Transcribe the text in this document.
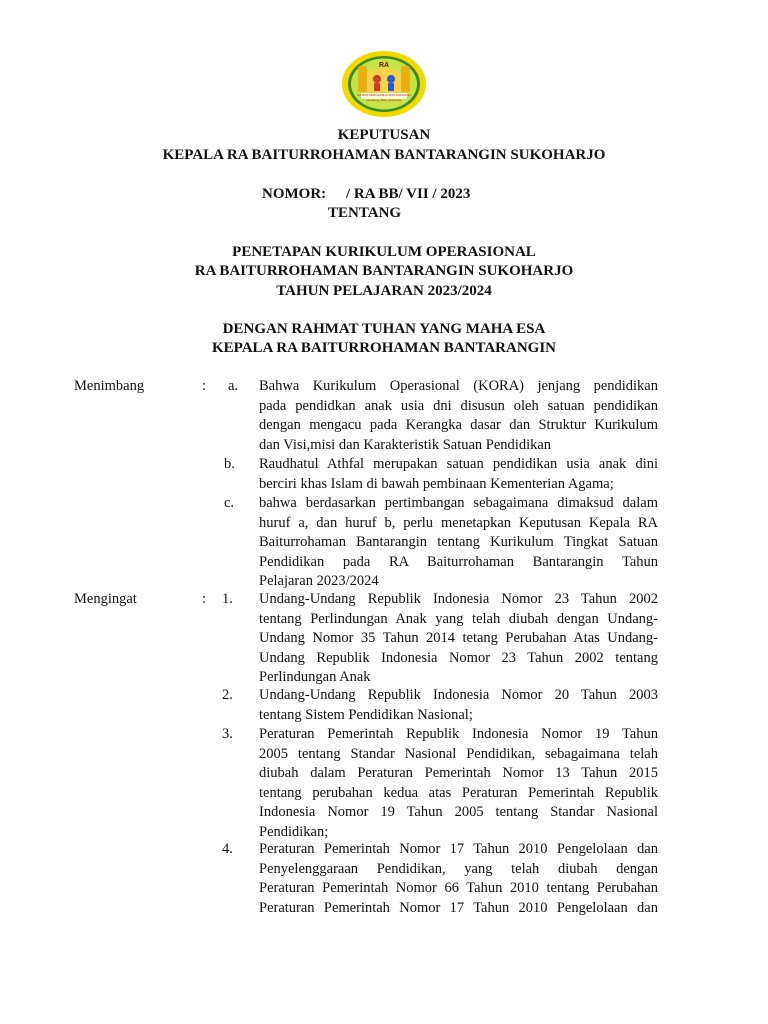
RA
RA BAITURROHAMAN BANTARANGIN
Langkang, Baki, Sukoharjo
KEPUTUSAN
KEPALA RA BAITURROHAMAN BANTARANGIN SUKOHARJO
NOMOR: / RA BB/ VII / 2023
TENTANG
PENETAPAN KURIKULUM OPERASIONAL
RA BAITURROHAMAN BANTARANGIN SUKOHARJO
TAHUN PELAJARAN 2023/2024
DENGAN RAHMAT TUHAN YANG MAHA ESA
KEPALA RA BAITURROHAMAN BANTARANGIN
Menimbang	: a. Bahwa Kurikulum Operasional (KORA) jenjang pendidikan
pada pendidkan anak usia dni disusun oleh satuan pendidikan
dengan mengacu pada Kerangka dasar dan Struktur Kurikulum
dan Visi,misi dan Karakteristik Satuan Pendidikan
b. Raudhatul Athfal merupakan satuan pendidikan usia anak dini
berciri khas Islam di bawah pembinaan Kementerian Agama;
c. bahwa berdasarkan pertimbangan sebagaimana dimaksud dalam
huruf a, dan huruf b, perlu menetapkan Keputusan Kepala RA
Baiturrohaman Bantarangin tentang Kurikulum Tingkat Satuan
Pendidikan pada RA Baiturrohaman Bantarangin Tahun
Pelajaran 2023/2024
Mengingat	: 1. Undang-Undang Republik Indonesia Nomor 23 Tahun 2002
tentang Perlindungan Anak yang telah diubah dengan Undang-
Undang Nomor 35 Tahun 2014 tetang Perubahan Atas Undang-
Undang Republik Indonesia Nomor 23 Tahun 2002 tentang
Perlindungan Anak
2. Undang-Undang Republik Indonesia Nomor 20 Tahun 2003
tentang Sistem Pendidikan Nasional;
3. Peraturan Pemerintah Republik Indonesia Nomor 19 Tahun
2005 tentang Standar Nasional Pendidikan, sebagaimana telah
diubah dalam Peraturan Pemerintah Nomor 13 Tahun 2015
tentang perubahan kedua atas Peraturan Pemerintah Republik
Indonesia Nomor 19 Tahun 2005 tentang Standar Nasional
Pendidikan;
4. Peraturan Pemerintah Nomor 17 Tahun 2010 Pengelolaan dan
Penyelenggaraan Pendidikan, yang telah diubah dengan
Peraturan Pemerintah Nomor 66 Tahun 2010 tentang Perubahan
Peraturan Pemerintah Nomor 17 Tahun 2010 Pengelolaan dan
